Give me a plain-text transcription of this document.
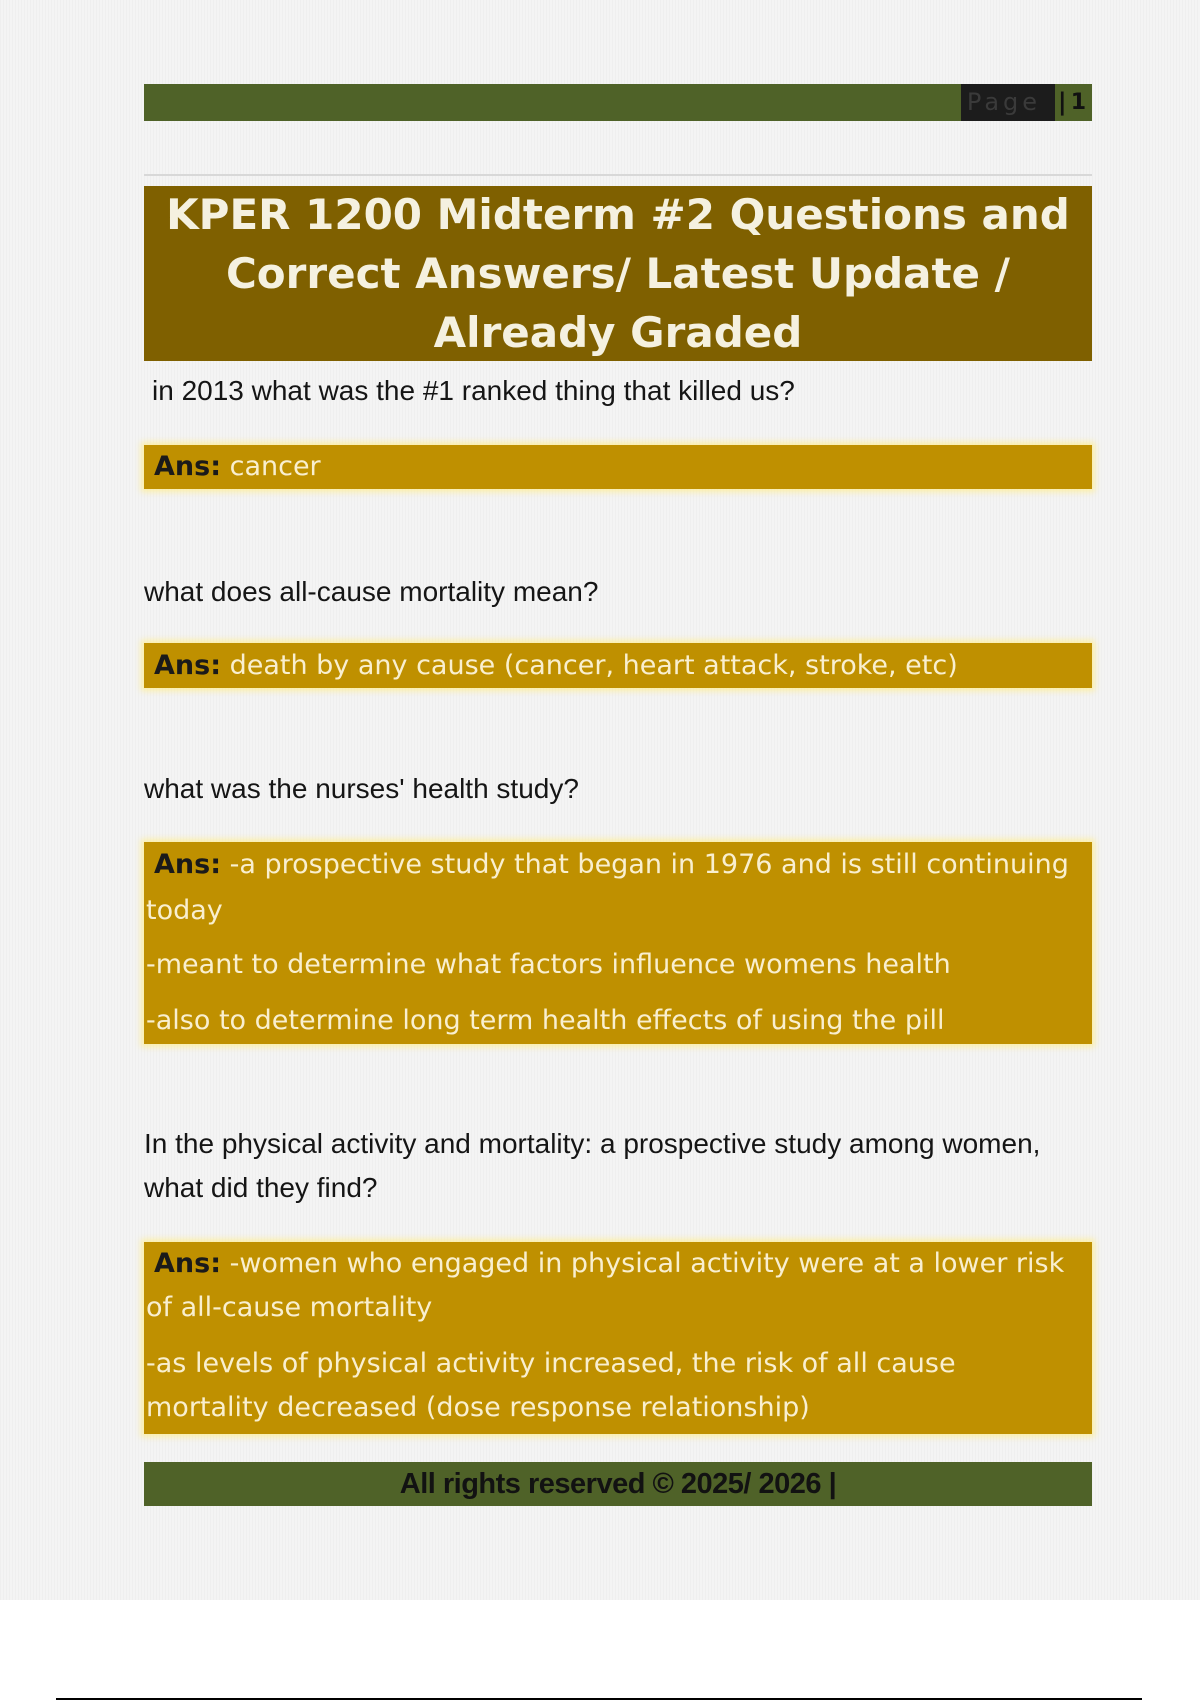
Page | 1
KPER 1200 Midterm #2 Questions and Correct Answers/ Latest Update / Already Graded

in 2013 what was the #1 ranked thing that killed us?

Ans: cancer

what does all-cause mortality mean?

Ans: death by any cause (cancer, heart attack, stroke, etc)

what was the nurses' health study?

Ans: -a prospective study that began in 1976 and is still continuing today

-meant to determine what factors influence womens health

-also to determine long term health effects of using the pill

In the physical activity and mortality: a prospective study among women, what did they find?

Ans: -women who engaged in physical activity were at a lower risk of all-cause mortality

-as levels of physical activity increased, the risk of all cause mortality decreased (dose response relationship)

All rights reserved © 2025/ 2026 |
